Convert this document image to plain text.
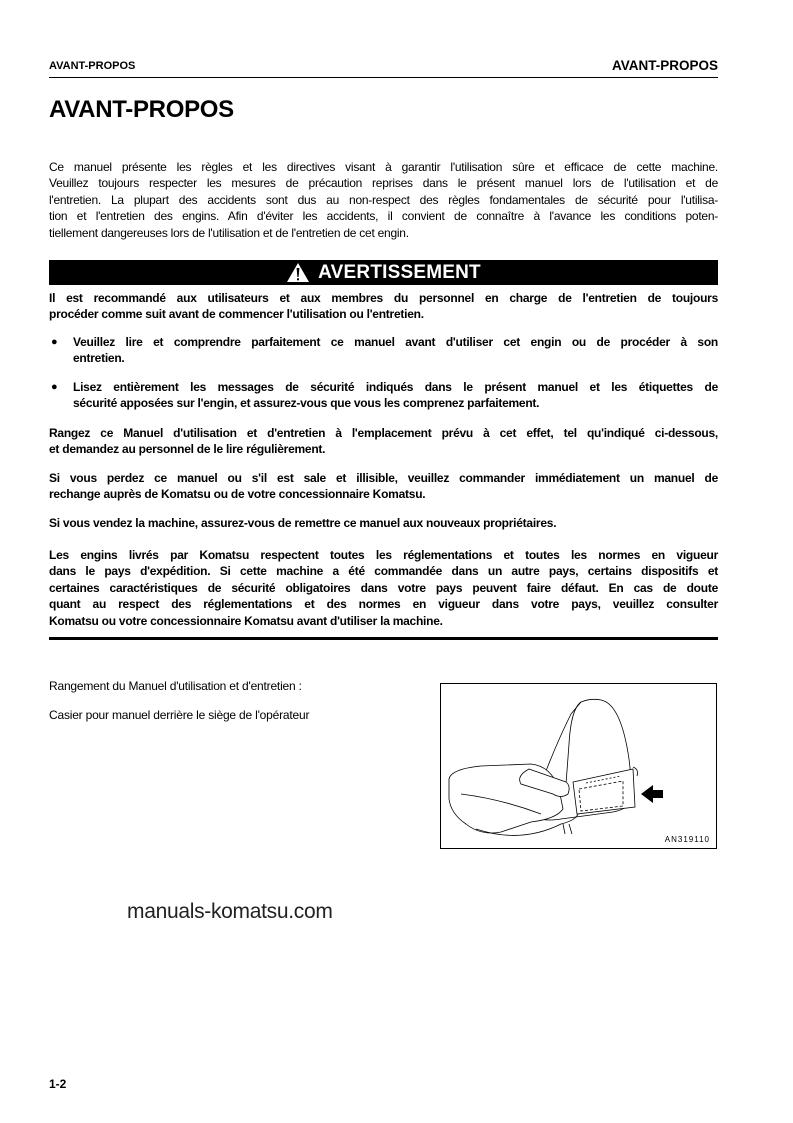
AVANT-PROPOS	AVANT-PROPOS
AVANT-PROPOS
Ce manuel présente les règles et les directives visant à garantir l'utilisation sûre et efficace de cette machine.
Veuillez toujours respecter les mesures de précaution reprises dans le présent manuel lors de l'utilisation et de
l'entretien. La plupart des accidents sont dus au non-respect des règles fondamentales de sécurité pour l'utilisa-
tion et l'entretien des engins. Afin d'éviter les accidents, il convient de connaître à l'avance les conditions poten-
tiellement dangereuses lors de l'utilisation et de l'entretien de cet engin.
AVERTISSEMENT
Il est recommandé aux utilisateurs et aux membres du personnel en charge de l'entretien de toujours
procéder comme suit avant de commencer l'utilisation ou l'entretien.
● Veuillez lire et comprendre parfaitement ce manuel avant d'utiliser cet engin ou de procéder à son
entretien.
● Lisez entièrement les messages de sécurité indiqués dans le présent manuel et les étiquettes de
sécurité apposées sur l'engin, et assurez-vous que vous les comprenez parfaitement.
Rangez ce Manuel d'utilisation et d'entretien à l'emplacement prévu à cet effet, tel qu'indiqué ci-dessous,
et demandez au personnel de le lire régulièrement.
Si vous perdez ce manuel ou s'il est sale et illisible, veuillez commander immédiatement un manuel de
rechange auprès de Komatsu ou de votre concessionnaire Komatsu.
Si vous vendez la machine, assurez-vous de remettre ce manuel aux nouveaux propriétaires.
Les engins livrés par Komatsu respectent toutes les réglementations et toutes les normes en vigueur
dans le pays d'expédition. Si cette machine a été commandée dans un autre pays, certains dispositifs et
certaines caractéristiques de sécurité obligatoires dans votre pays peuvent faire défaut. En cas de doute
quant au respect des réglementations et des normes en vigueur dans votre pays, veuillez consulter
Komatsu ou votre concessionnaire Komatsu avant d'utiliser la machine.
Rangement du Manuel d'utilisation et d'entretien :
Casier pour manuel derrière le siège de l'opérateur
AN319110
manuals-komatsu.com
1-2
